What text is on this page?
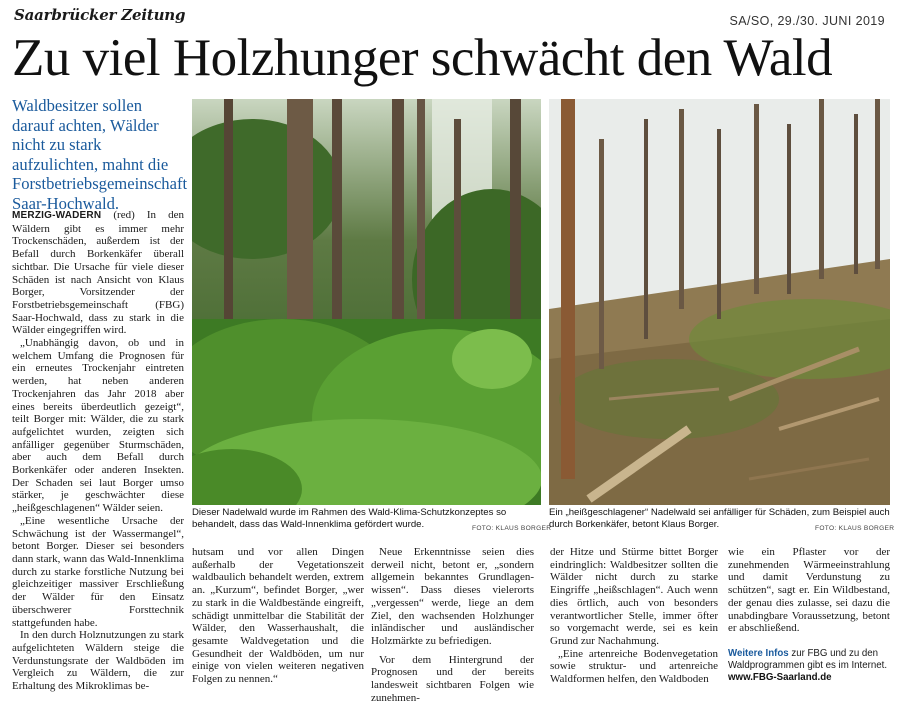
Saarbrücker Zeitung	SA/SO, 29./30. JUNI 2019
Zu viel Holzhunger schwächt den Wald
Waldbesitzer sollen darauf achten, Wälder nicht zu stark aufzulichten, mahnt die Forstbetriebsgemeinschaft Saar-Hochwald.

MERZIG-WADERN (red) In den Wäldern gibt es immer mehr Trockenschäden, außerdem ist der Befall durch Borkenkäfer überall sichtbar. Die Ursache für viele dieser Schäden ist nach Ansicht von Klaus Borger, Vorsitzender der Forstbetriebsgemeinschaft (FBG) Saar-Hochwald, dass zu stark in die Wälder eingegriffen wird.

„Unabhängig davon, ob und in welchem Umfang die Prognosen für ein erneutes Trockenjahr eintreten werden, hat neben anderen Trockenjahren das Jahr 2018 aber eines bereits überdeutlich gezeigt“, teilt Borger mit: Wälder, die zu stark aufgelichtet wurden, zeigten sich anfälliger gegenüber Sturmschäden, aber auch dem Befall durch Borkenkäfer oder anderen Insekten. Der Schaden sei laut Borger umso stärker, je geschwächter diese „heißgeschlagenen“ Wälder seien.

„Eine wesentliche Ursache der Schwächung ist der Wassermangel“, betont Borger. Dieser sei besonders dann stark, wann das Wald-Innenklima durch zu starke forstliche Nutzung bei gleichzeitiger massiver Erschließung der Wälder für den Einsatz überschwerer Forsttechnik stattgefunden habe.

In den durch Holznutzungen zu stark aufgelichteten Wäldern steige die Verdunstungsrate der Waldböden im Vergleich zu Wäldern, die zur Erhaltung des Mikroklimas be-

Dieser Nadelwald wurde im Rahmen des Wald-Klima-Schutzkonzeptes so behandelt, dass das Wald-Innenklima gefördert wurde.	FOTO: KLAUS BORGER
Ein „heißgeschlagener“ Nadelwald sei anfälliger für Schäden, zum Beispiel auch durch Borkenkäfer, betont Klaus Borger.	FOTO: KLAUS BORGER

hutsam und vor allen Dingen außerhalb der Vegetationszeit waldbaulich behandelt werden, extrem an. „Kurzum“, befindet Borger, „wer zu stark in die Waldbestände eingreift, schädigt unmittelbar die Stabilität der Wälder, den Wasserhaushalt, die gesamte Waldvegetation und die Gesundheit der Waldböden, um nur einige von vielen weiteren negativen Folgen zu nennen.“

Neue Erkenntnisse seien dies derweil nicht, betont er, „sondern allgemein bekanntes Grundlagen-wissen“. Dass dieses vielerorts „vergessen“ werde, liege an dem Ziel, den wachsenden Holzhunger inländischer und ausländischer Holzmärkte zu befriedigen.

Vor dem Hintergrund der Prognosen und der bereits landesweit sichtbaren Folgen wie zunehmen-

der Hitze und Stürme bittet Borger eindringlich: Waldbesitzer sollten die Wälder nicht durch zu starke Eingriffe „heißschlagen“. Auch wenn dies örtlich, auch von besonders verantwortlicher Stelle, immer öfter so vorgemacht werde, sei es kein Grund zur Nachahmung.

„Eine artenreiche Bodenvegetation sowie struktur- und artenreiche Waldformen helfen, den Waldboden

wie ein Pflaster vor der zunehmenden Wärmeeinstrahlung und damit Verdunstung zu schützen“, sagt er. Ein Wildbestand, der genau dies zulasse, sei dazu die unabdingbare Voraussetzung, betont er abschließend.

Weitere Infos zur FBG und zu den Waldprogrammen gibt es im Internet.
www.FBG-Saarland.de
